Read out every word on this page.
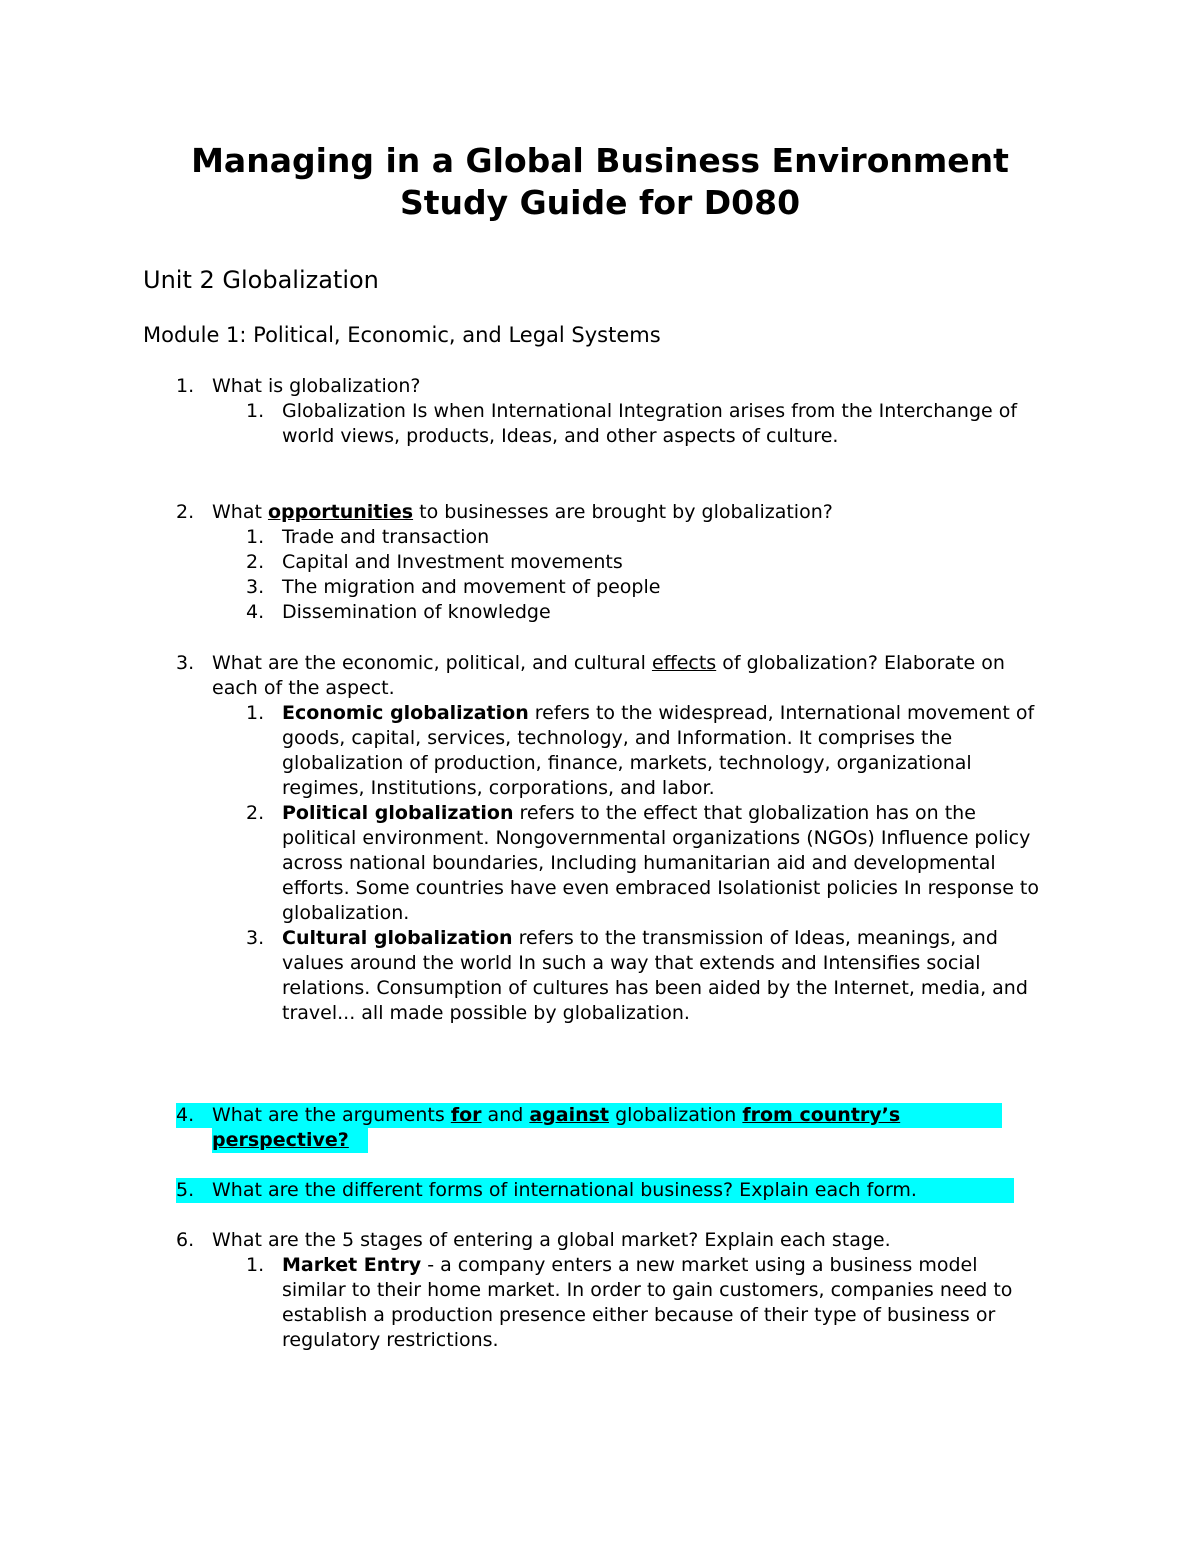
Managing in a Global Business Environment
Study Guide for D080
Unit 2 Globalization
Module 1: Political, Economic, and Legal Systems
1. What is globalization?
1. Globalization Is when International Integration arises from the Interchange of world views, products, Ideas, and other aspects of culture.
2. What opportunities to businesses are brought by globalization?
1. Trade and transaction
2. Capital and Investment movements
3. The migration and movement of people
4. Dissemination of knowledge
3. What are the economic, political, and cultural effects of globalization? Elaborate on each of the aspect.
1. Economic globalization refers to the widespread, International movement of goods, capital, services, technology, and Information. It comprises the globalization of production, finance, markets, technology, organizational regimes, Institutions, corporations, and labor.
2. Political globalization refers to the effect that globalization has on the political environment. Nongovernmental organizations (NGOs) Influence policy across national boundaries, Including humanitarian aid and developmental efforts. Some countries have even embraced Isolationist policies In response to globalization.
3. Cultural globalization refers to the transmission of Ideas, meanings, and values around the world In such a way that extends and Intensifies social relations. Consumption of cultures has been aided by the Internet, media, and travel... all made possible by globalization.
4. What are the arguments for and against globalization from country’s perspective?
5. What are the different forms of international business? Explain each form.
6. What are the 5 stages of entering a global market? Explain each stage.
1. Market Entry - a company enters a new market using a business model similar to their home market. In order to gain customers, companies need to establish a production presence either because of their type of business or regulatory restrictions.
